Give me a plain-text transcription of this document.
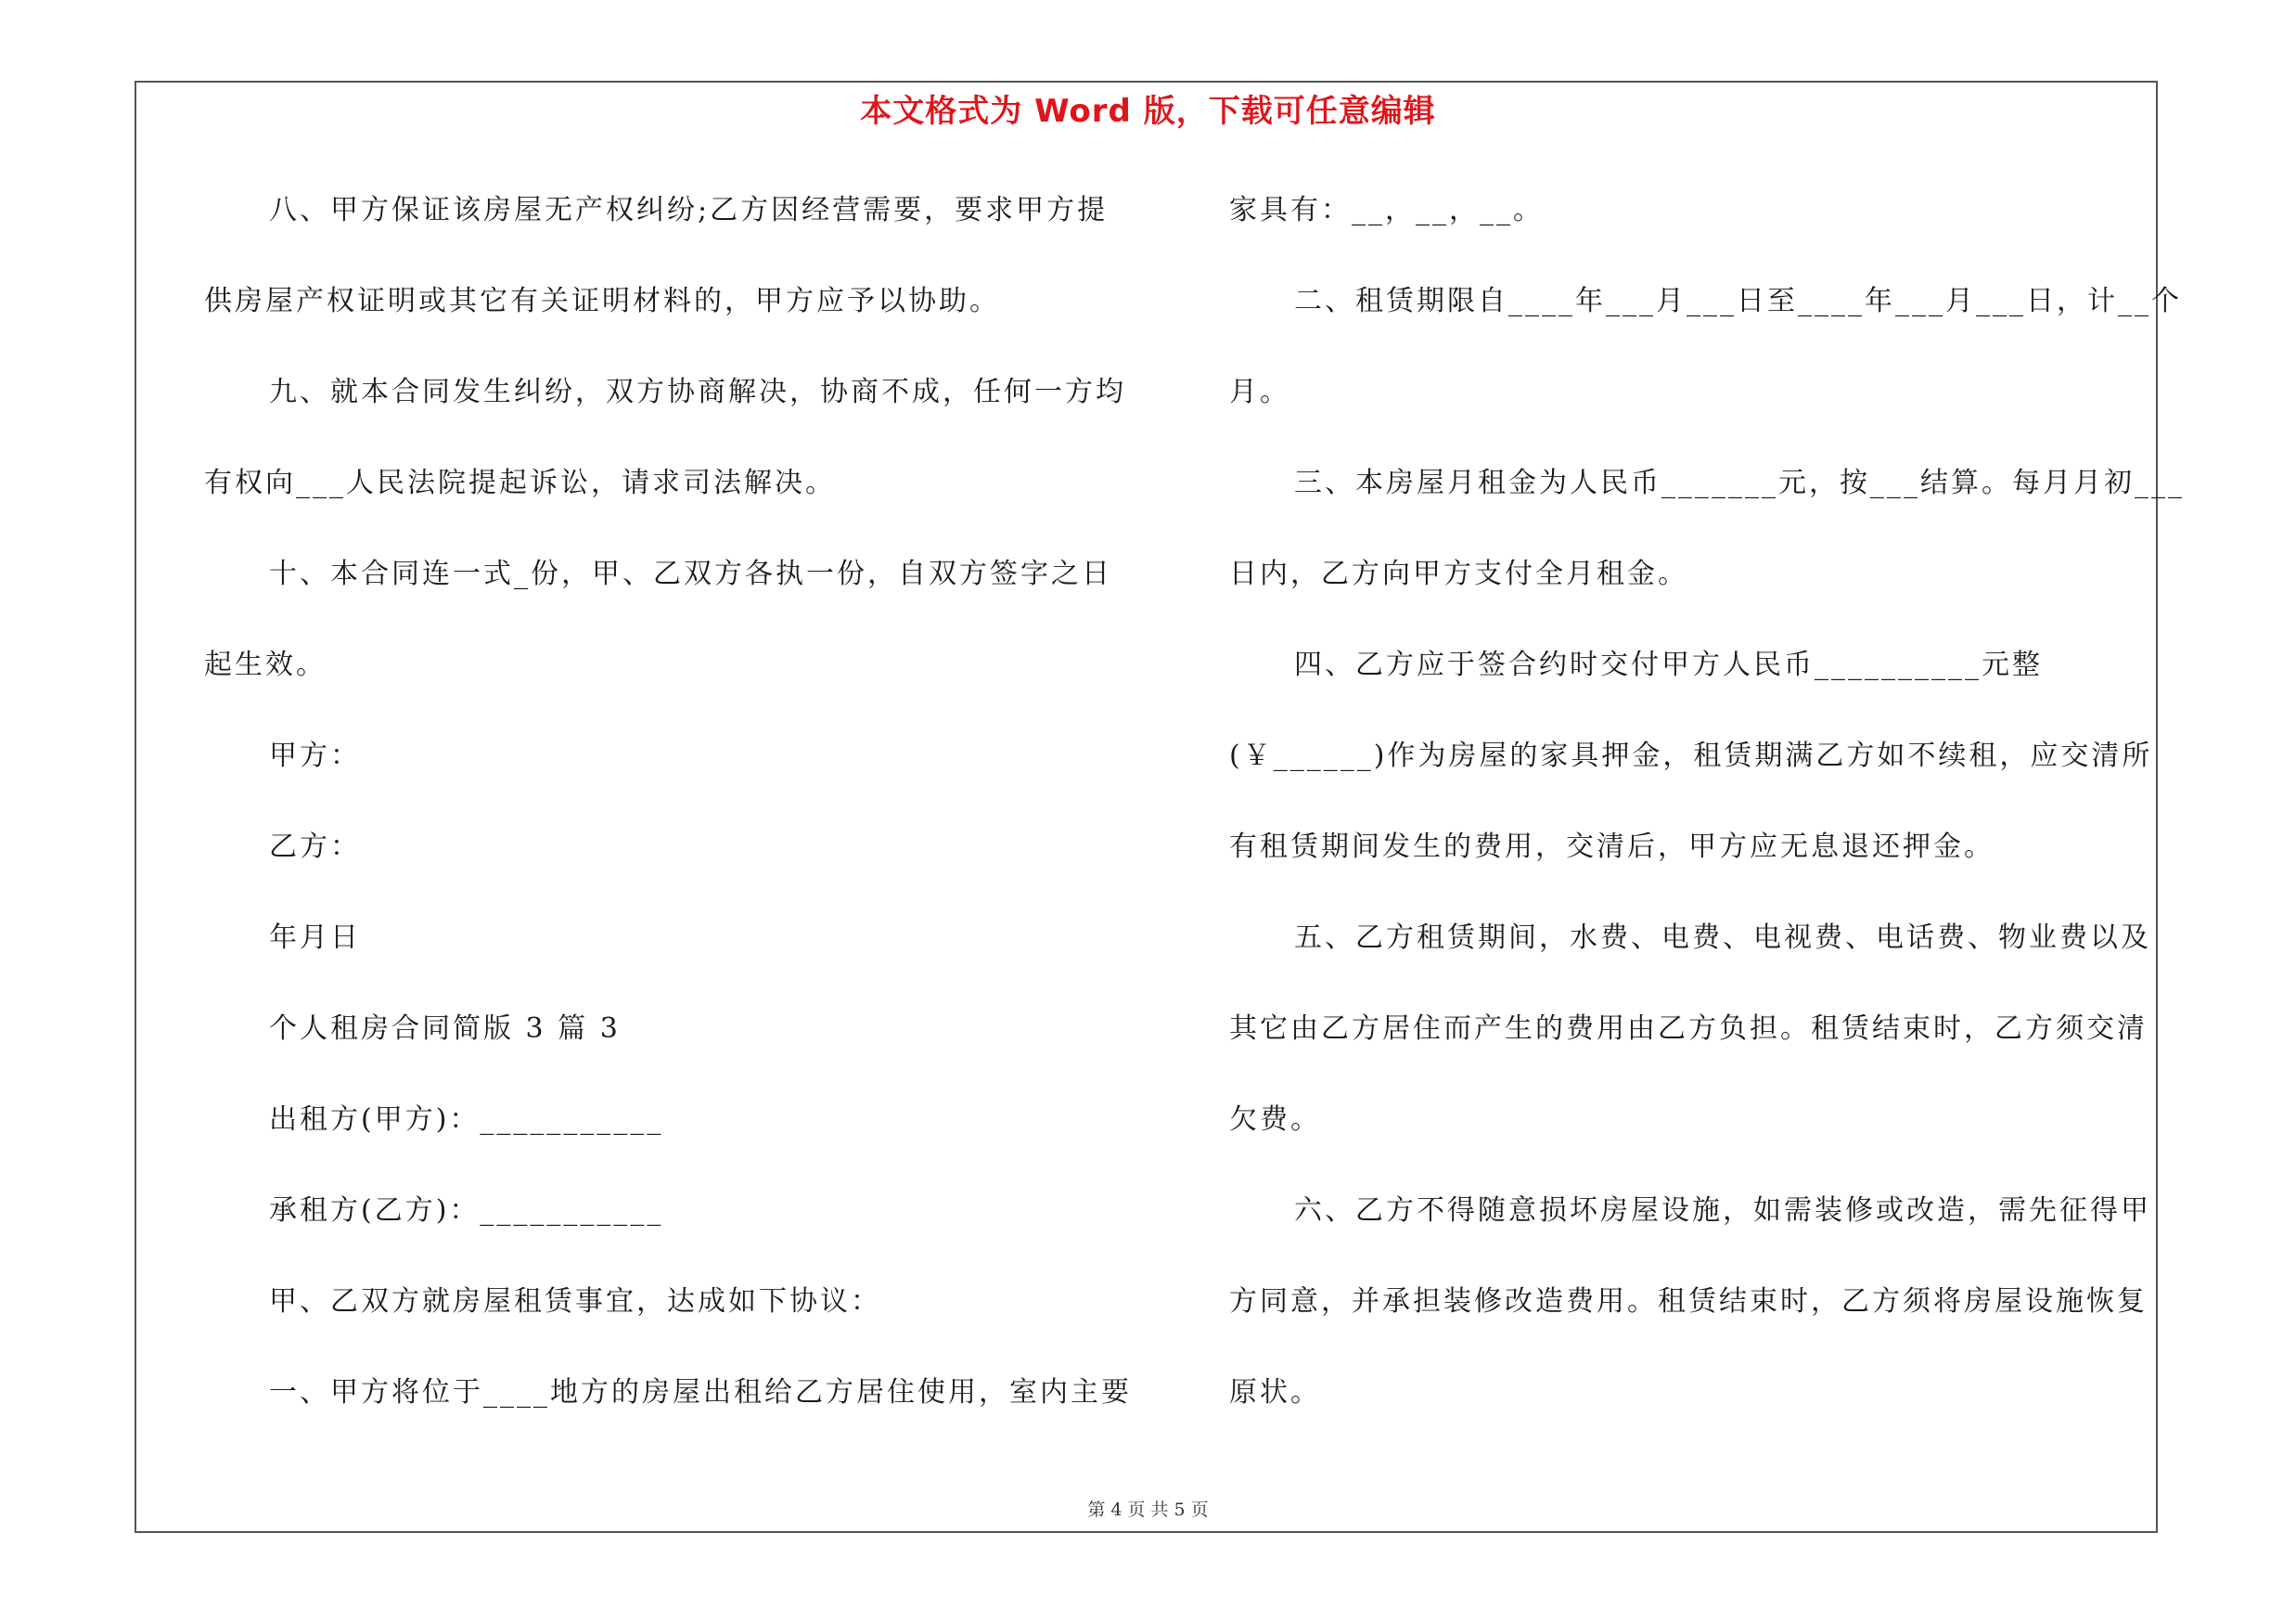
本文格式为 Word 版，下载可任意编辑
八、甲方保证该房屋无产权纠纷;乙方因经营需要，要求甲方提
供房屋产权证明或其它有关证明材料的，甲方应予以协助。
九、就本合同发生纠纷，双方协商解决，协商不成，任何一方均
有权向___人民法院提起诉讼，请求司法解决。
十、本合同连一式_份，甲、乙双方各执一份，自双方签字之日
起生效。
甲方：
乙方：
年月日
个人租房合同简版 3 篇 3
出租方(甲方)：___________
承租方(乙方)：___________
甲、乙双方就房屋租赁事宜，达成如下协议：
一、甲方将位于____地方的房屋出租给乙方居住使用，室内主要
家具有：__，__，__。
二、租赁期限自____年___月___日至____年___月___日，计__个
月。
三、本房屋月租金为人民币_______元，按___结算。每月月初___
日内，乙方向甲方支付全月租金。
四、乙方应于签合约时交付甲方人民币__________元整
(￥______)作为房屋的家具押金，租赁期满乙方如不续租，应交清所
有租赁期间发生的费用，交清后，甲方应无息退还押金。
五、乙方租赁期间，水费、电费、电视费、电话费、物业费以及
其它由乙方居住而产生的费用由乙方负担。租赁结束时，乙方须交清
欠费。
六、乙方不得随意损坏房屋设施，如需装修或改造，需先征得甲
方同意，并承担装修改造费用。租赁结束时，乙方须将房屋设施恢复
原状。
第 4 页 共 5 页
